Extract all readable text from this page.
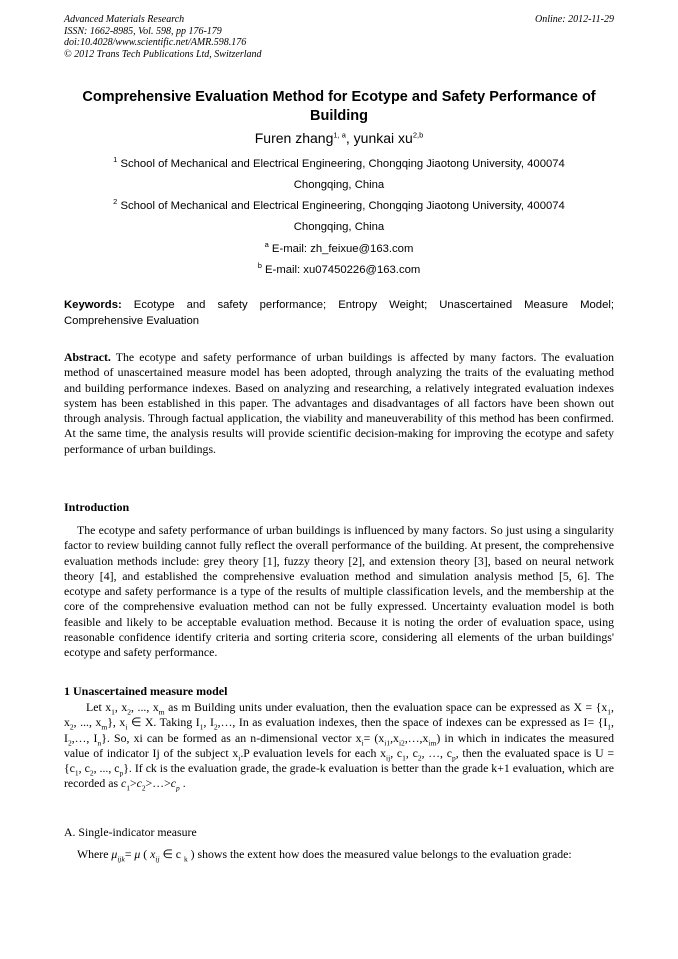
Advanced Materials Research
ISSN: 1662-8985, Vol. 598, pp 176-179
doi:10.4028/www.scientific.net/AMR.598.176
© 2012 Trans Tech Publications Ltd, Switzerland
Online: 2012-11-29
Comprehensive Evaluation Method for Ecotype and Safety Performance of Building
Furen zhang$^{1, a}$, yunkai xu$^{2,b}$
$^1$ School of Mechanical and Electrical Engineering, Chongqing Jiaotong University, 400074
Chongqing, China
$^2$ School of Mechanical and Electrical Engineering, Chongqing Jiaotong University, 400074
Chongqing, China
$^a$ E-mail: zh_feixue@163.com
$^b$ E-mail: xu07450226@163.com
Keywords: Ecotype and safety performance; Entropy Weight; Unascertained Measure Model; Comprehensive Evaluation
Abstract. The ecotype and safety performance of urban buildings is affected by many factors. The evaluation method of unascertained measure model has been adopted, through analyzing the traits of the evaluating method and building performance indexes. Based on analyzing and researching, a relatively integrated evaluation indexes system has been established in this paper. The advantages and disadvantages of all factors have been shown out through analysis. Through factual application, the viability and maneuverability of this method has been confirmed. At the same time, the analysis results will provide scientific decision-making for improving the ecotype and safety performance of urban buildings.
Introduction
The ecotype and safety performance of urban buildings is influenced by many factors. So just using a singularity factor to review building cannot fully reflect the overall performance of the building. At present, the comprehensive evaluation methods include: grey theory [1], fuzzy theory [2], and extension theory [3], based on neural network theory [4], and established the comprehensive evaluation method and simulation analysis method [5, 6]. The ecotype and safety performance is a type of the results of multiple classification levels, and the membership at the core of the comprehensive evaluation method can not be fully expressed. Uncertainty evaluation model is both feasible and likely to be acceptable evaluation method. Because it is noting the order of evaluation space, using reasonable confidence identify criteria and sorting criteria score, considering all elements of the urban buildings' ecotype and safety performance.
1 Unascertained measure model
Let $x_1$, $x_2$, ..., $x_m$ as m Building units under evaluation, then the evaluation space can be expressed as $X = \{x_1$, $x_2$, ..., $x_m$}, $x_i$ ∈ X. Taking $I_1$, $I_2,\dots$, In as evaluation indexes, then the space of indexes can be expressed as $I= \{I_1$, $I_2,\dots$, $I_n$}. So, xi can be formed as an n-dimensional vector $x_i=$ $(x_{i1},x_{i2},\dots,x_{im})$ in which in indicates the measured value of indicator Ij of the subject $x_i.P$ evaluation levels for each $x_{ij}$, $c_1$, $c_2$, …, $c_p$, then the evaluated space is $U = \{c_1$, $c_2$, ..., $c_p$}. If ck is the evaluation grade, the grade-k evaluation is better than the grade k+1 evaluation, which are recorded as $c_1>c_2>\dots>c_p$ .
A. Single-indicator measure
Where $\mu_{ijk}= \mu$ ( $x_{ij}$ ∈ c $_k$ ) shows the extent how does the measured value belongs to the evaluation grade:
